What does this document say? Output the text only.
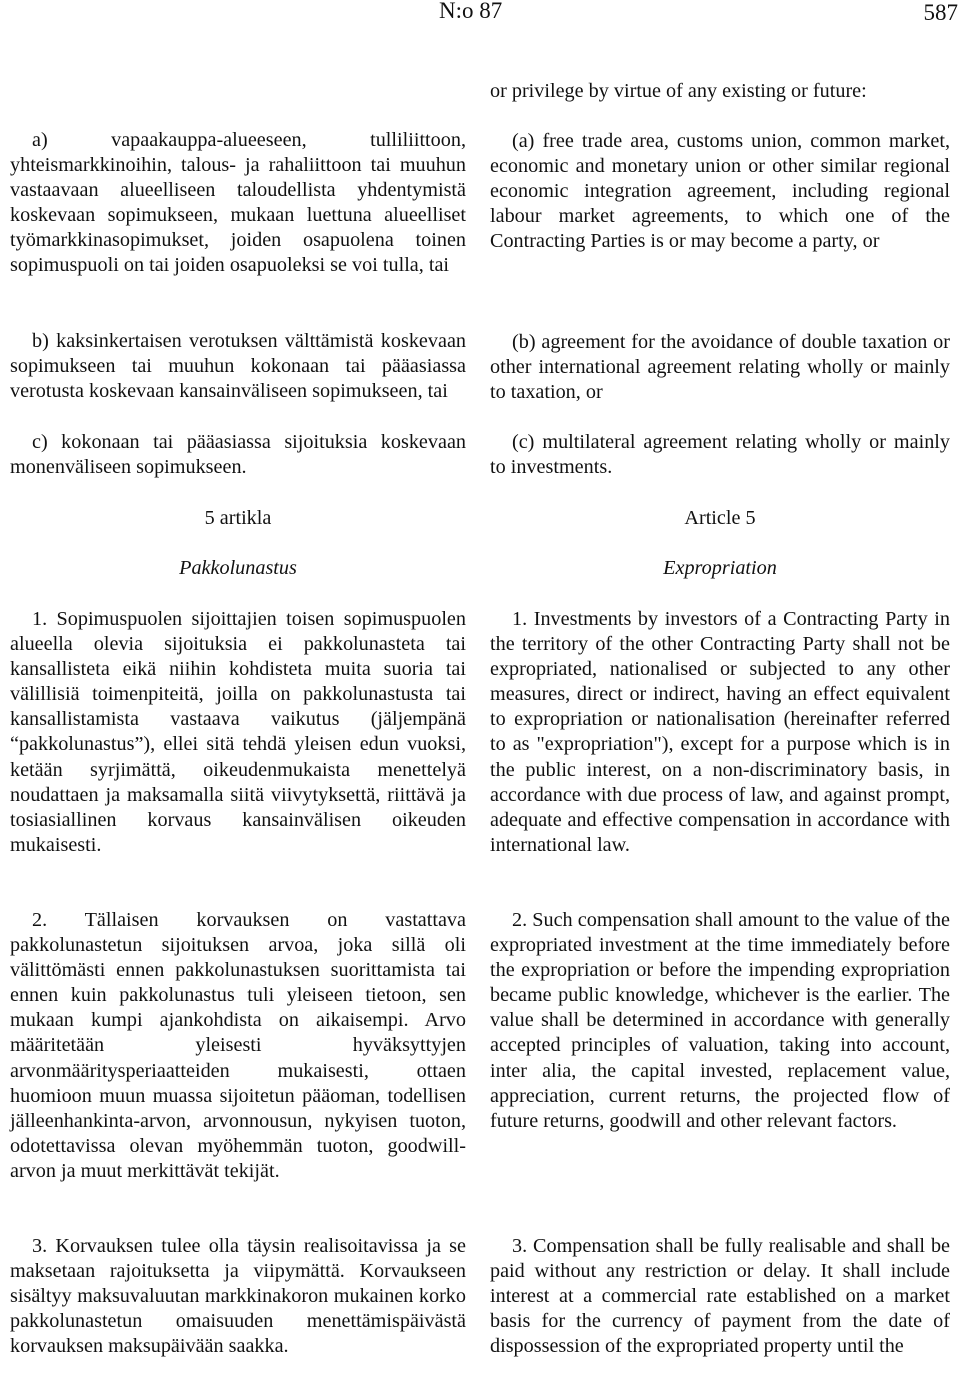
N:o 87	587

a) vapaakauppa-alueeseen, tulliliittoon, yhteismarkkinoihin, talous- ja rahaliittoon tai muuhun vastaavaan alueelliseen taloudellista yhdentymistä koskevaan sopimukseen, mukaan luettuna alueelliset työmarkkinasopimukset, joiden osapuolena toinen sopimuspuoli on tai joiden osapuoleksi se voi tulla, tai

b) kaksinkertaisen verotuksen välttämistä koskevaan sopimukseen tai muuhun kokonaan tai pääasiassa verotusta koskevaan kansainväliseen sopimukseen, tai

c) kokonaan tai pääasiassa sijoituksia koskevaan monenväliseen sopimukseen.

5 artikla

Pakkolunastus

1. Sopimuspuolen sijoittajien toisen sopimuspuolen alueella olevia sijoituksia ei pakkolunasteta tai kansallisteta eikä niihin kohdisteta muita suoria tai välillisiä toimenpiteitä, joilla on pakkolunastusta tai kansallistamista vastaava vaikutus (jäljempänä “pakkolunastus”), ellei sitä tehdä yleisen edun vuoksi, ketään syrjimättä, oikeudenmukaista menettelyä noudattaen ja maksamalla siitä viivytyksettä, riittävä ja tosiasiallinen korvaus kansainvälisen oikeuden mukaisesti.

2. Tällaisen korvauksen on vastattava pakkolunastetun sijoituksen arvoa, joka sillä oli välittömästi ennen pakkolunastuksen suorittamista tai ennen kuin pakkolunastus tuli yleiseen tietoon, sen mukaan kumpi ajankohdista on aikaisempi. Arvo määritetään yleisesti hyväksyttyjen arvonmääritysperiaatteiden mukaisesti, ottaen huomioon muun muassa sijoitetun pääoman, todellisen jälleenhankinta-arvon, arvonnousun, nykyisen tuoton, odotettavissa olevan myöhemmän tuoton, goodwill-arvon ja muut merkittävät tekijät.

3. Korvauksen tulee olla täysin realisoitavissa ja se maksetaan rajoituksetta ja viipymättä. Korvaukseen sisältyy maksuvaluutan markkinakoron mukainen korko pakkolunastetun omaisuuden menettämispäivästä korvauksen maksupäivään saakka.

or privilege by virtue of any existing or future:

(a) free trade area, customs union, common market, economic and monetary union or other similar regional economic integration agreement, including regional labour market agreements, to which one of the Contracting Parties is or may become a party, or

(b) agreement for the avoidance of double taxation or other international agreement relating wholly or mainly to taxation, or

(c) multilateral agreement relating wholly or mainly to investments.

Article 5

Expropriation

1. Investments by investors of a Contracting Party in the territory of the other Contracting Party shall not be expropriated, nationalised or subjected to any other measures, direct or indirect, having an effect equivalent to expropriation or nationalisation (hereinafter referred to as "expropriation"), except for a purpose which is in the public interest, on a non-discriminatory basis, in accordance with due process of law, and against prompt, adequate and effective compensation in accordance with international law.

2. Such compensation shall amount to the value of the expropriated investment at the time immediately before the expropriation or before the impending expropriation became public knowledge, whichever is the earlier. The value shall be determined in accordance with generally accepted principles of valuation, taking into account, inter alia, the capital invested, replacement value, appreciation, current returns, the projected flow of future returns, goodwill and other relevant factors.

3. Compensation shall be fully realisable and shall be paid without any restriction or delay. It shall include interest at a commercial rate established on a market basis for the currency of payment from the date of dispossession of the expropriated property until the
